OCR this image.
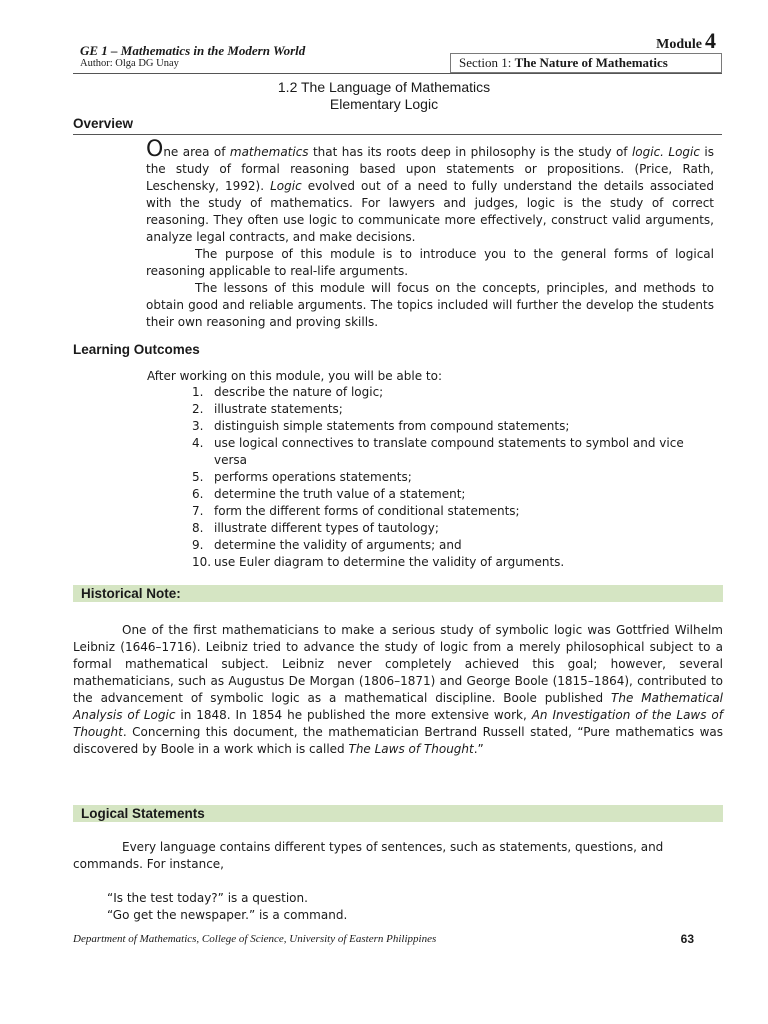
GE 1 – Mathematics in the Modern World
Author: Olga DG Unay
Module 4
Section 1: The Nature of Mathematics
1.2 The Language of Mathematics
Elementary Logic
Overview

One area of mathematics that has its roots deep in philosophy is the study of logic. Logic is the study of formal reasoning based upon statements or propositions. (Price, Rath, Leschensky, 1992). Logic evolved out of a need to fully understand the details associated with the study of mathematics. For lawyers and judges, logic is the study of correct reasoning. They often use logic to communicate more effectively, construct valid arguments, analyze legal contracts, and make decisions.

The purpose of this module is to introduce you to the general forms of logical reasoning applicable to real-life arguments.

The lessons of this module will focus on the concepts, principles, and methods to obtain good and reliable arguments. The topics included will further the develop the students their own reasoning and proving skills.

Learning Outcomes
After working on this module, you will be able to:
1. describe the nature of logic;
2. illustrate statements;
3. distinguish simple statements from compound statements;
4. use logical connectives to translate compound statements to symbol and vice versa
5. performs operations statements;
6. determine the truth value of a statement;
7. form the different forms of conditional statements;
8. illustrate different types of tautology;
9. determine the validity of arguments; and
10. use Euler diagram to determine the validity of arguments.
Historical Note:

One of the first mathematicians to make a serious study of symbolic logic was Gottfried Wilhelm Leibniz (1646–1716). Leibniz tried to advance the study of logic from a merely philosophical subject to a formal mathematical subject. Leibniz never completely achieved this goal; however, several mathematicians, such as Augustus De Morgan (1806–1871) and George Boole (1815–1864), contributed to the advancement of symbolic logic as a mathematical discipline. Boole published The Mathematical Analysis of Logic in 1848. In 1854 he published the more extensive work, An Investigation of the Laws of Thought. Concerning this document, the mathematician Bertrand Russell stated, “Pure mathematics was discovered by Boole in a work which is called The Laws of Thought.”

Logical Statements

Every language contains different types of sentences, such as statements, questions, and commands. For instance,

“Is the test today?” is a question.
“Go get the newspaper.” is a command.
Department of Mathematics, College of Science, University of Eastern Philippines	63
